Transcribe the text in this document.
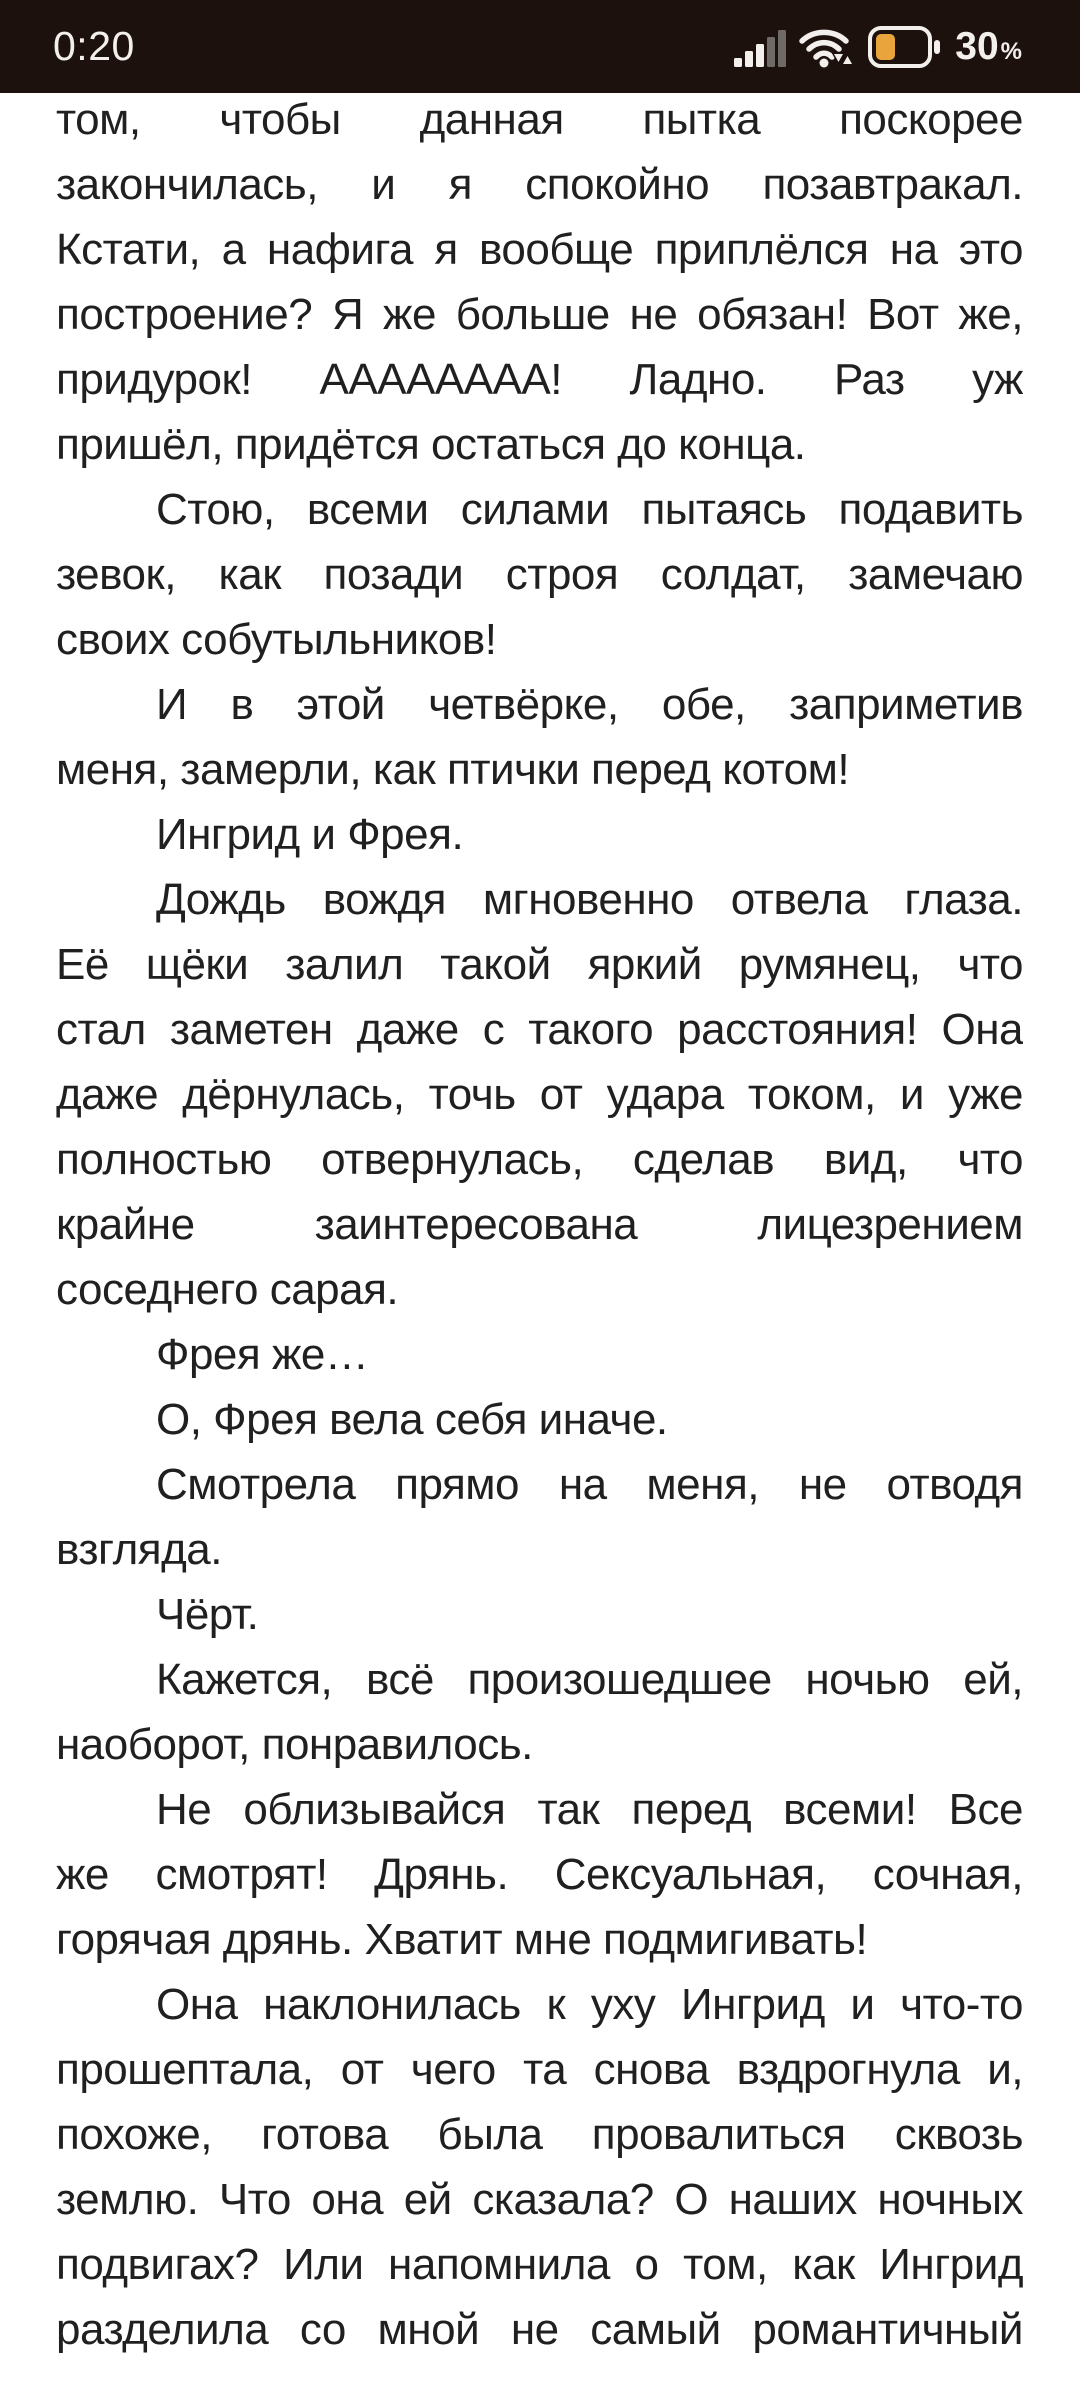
0:20	30%
том, чтобы данная пытка поскорее
закончилась, и я спокойно позавтракал.
Кстати, а нафига я вообще приплёлся на это
построение? Я же больше не обязан! Вот же,
придурок! АААААААА! Ладно. Раз уж
пришёл, придётся остаться до конца.
Стою, всеми силами пытаясь подавить
зевок, как позади строя солдат, замечаю
своих собутыльников!
И в этой четвёрке, обе, заприметив
меня, замерли, как птички перед котом!
Ингрид и Фрея.
Дождь вождя мгновенно отвела глаза.
Её щёки залил такой яркий румянец, что
стал заметен даже с такого расстояния! Она
даже дёрнулась, точь от удара током, и уже
полностью отвернулась, сделав вид, что
крайне заинтересована лицезрением
соседнего сарая.
Фрея же…
О, Фрея вела себя иначе.
Смотрела прямо на меня, не отводя
взгляда.
Чёрт.
Кажется, всё произошедшее ночью ей,
наоборот, понравилось.
Не облизывайся так перед всеми! Все
же смотрят! Дрянь. Сексуальная, сочная,
горячая дрянь. Хватит мне подмигивать!
Она наклонилась к уху Ингрид и что-то
прошептала, от чего та снова вздрогнула и,
похоже, готова была провалиться сквозь
землю. Что она ей сказала? О наших ночных
подвигах? Или напомнила о том, как Ингрид
разделила со мной не самый романтичный
